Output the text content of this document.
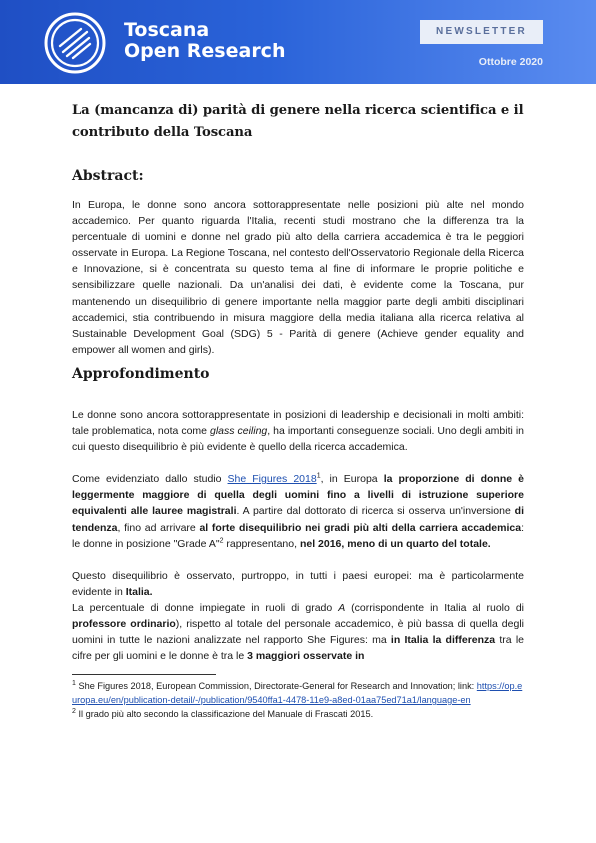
Toscana
Open Research
NEWSLETTER
Ottobre 2020
La (mancanza di) parità di genere nella ricerca scientifica e il contributo della Toscana
Abstract:

In Europa, le donne sono ancora sottorappresentate nelle posizioni più alte nel mondo accademico. Per quanto riguarda l'Italia, recenti studi mostrano che la differenza tra la percentuale di uomini e donne nel grado più alto della carriera accademica è tra le peggiori osservate in Europa. La Regione Toscana, nel contesto dell'Osservatorio Regionale della Ricerca e Innovazione, si è concentrata su questo tema al fine di informare le proprie politiche e sensibilizzare quelle nazionali. Da un'analisi dei dati, è evidente come la Toscana, pur mantenendo un disequilibrio di genere importante nella maggior parte degli ambiti disciplinari accademici, stia contribuendo in misura maggiore della media italiana alla ricerca relativa al Sustainable Development Goal (SDG) 5 - Parità di genere (Achieve gender equality and empower all women and girls).

Approfondimento

Le donne sono ancora sottorappresentate in posizioni di leadership e decisionali in molti ambiti: tale problematica, nota come glass ceiling, ha importanti conseguenze sociali. Uno degli ambiti in cui questo disequilibrio è più evidente è quello della ricerca accademica.

Come evidenziato dallo studio She Figures 2018$^1$, in Europa la proporzione di donne è leggermente maggiore di quella degli uomini fino a livelli di istruzione superiore equivalenti alle lauree magistrali. A partire dal dottorato di ricerca si osserva un'inversione di tendenza, fino ad arrivare al forte disequilibrio nei gradi più alti della carriera accademica: le donne in posizione "Grade A"$^2$ rappresentano, nel 2016, meno di un quarto del totale.

Questo disequilibrio è osservato, purtroppo, in tutti i paesi europei: ma è particolarmente evidente in Italia.

La percentuale di donne impiegate in ruoli di grado A (corrispondente in Italia al ruolo di professore ordinario), rispetto al totale del personale accademico, è più bassa di quella degli uomini in tutte le nazioni analizzate nel rapporto She Figures: ma in Italia la differenza tra le cifre per gli uomini e le donne è tra le 3 maggiori osservate in

$^1$ She Figures 2018, European Commission, Directorate-General for Research and Innovation; link: https://op.europa.eu/en/publication-detail/-/publication/9540ffa1-4478-11e9-a8ed-01aa75ed71a1/language-en
$^2$ Il grado più alto secondo la classificazione del Manuale di Frascati 2015.
